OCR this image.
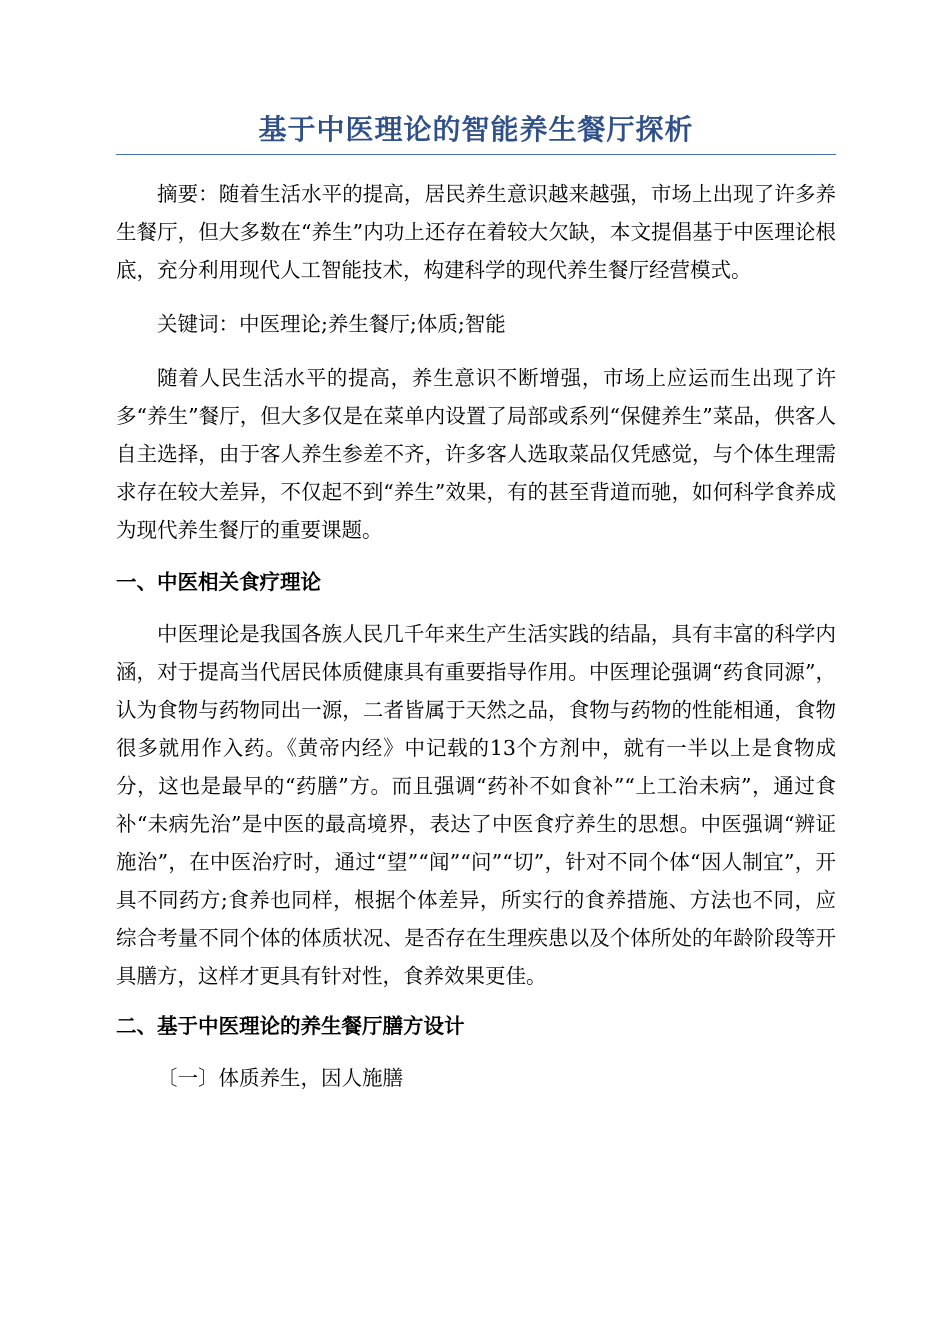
基于中医理论的智能养生餐厅探析

摘要：随着生活水平的提高，居民养生意识越来越强，市场上出现了许多养生餐厅，但大多数在“养生”内功上还存在着较大欠缺，本文提倡基于中医理论根底，充分利用现代人工智能技术，构建科学的现代养生餐厅经营模式。

关键词：中医理论;养生餐厅;体质;智能

随着人民生活水平的提高，养生意识不断增强，市场上应运而生出现了许多“养生”餐厅，但大多仅是在菜单内设置了局部或系列“保健养生”菜品，供客人自主选择，由于客人养生参差不齐，许多客人选取菜品仅凭感觉，与个体生理需求存在较大差异，不仅起不到“养生”效果，有的甚至背道而驰，如何科学食养成为现代养生餐厅的重要课题。

一、中医相关食疗理论

中医理论是我国各族人民几千年来生产生活实践的结晶，具有丰富的科学内涵，对于提高当代居民体质健康具有重要指导作用。中医理论强调“药食同源”，认为食物与药物同出一源，二者皆属于天然之品，食物与药物的性能相通，食物很多就用作入药。《黄帝内经》中记载的13个方剂中，就有一半以上是食物成分，这也是最早的“药膳”方。而且强调“药补不如食补”“上工治未病”，通过食补“未病先治”是中医的最高境界，表达了中医食疗养生的思想。中医强调“辨证施治”，在中医治疗时，通过“望”“闻”“问”“切”，针对不同个体“因人制宜”，开具不同药方;食养也同样，根据个体差异，所实行的食养措施、方法也不同，应综合考量不同个体的体质状况、是否存在生理疾患以及个体所处的年龄阶段等开具膳方，这样才更具有针对性，食养效果更佳。

二、基于中医理论的养生餐厅膳方设计

〔一〕体质养生，因人施膳
